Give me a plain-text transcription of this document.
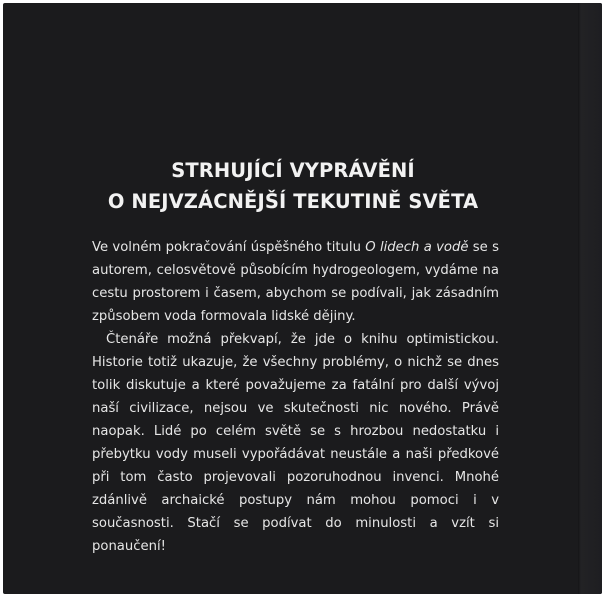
STRHUJÍCÍ VYPRÁVĚNÍ
O NEJVZÁCNĚJŠÍ TEKUTINĚ SVĚTA

Ve volném pokračování úspěšného titulu O lidech a vodě se s autorem, celosvětově působícím hydrogeologem, vydáme na cestu prostorem i časem, abychom se podívali, jak zásadním způsobem voda formovala lidské dějiny.

Čtenáře možná překvapí, že jde o knihu optimistickou. Historie totiž ukazuje, že všechny problémy, o nichž se dnes tolik diskutuje a které považujeme za fatální pro další vývoj naší civilizace, nejsou ve skutečnosti nic nového. Právě naopak. Lidé po celém světě se s hrozbou nedostatku i přebytku vody museli vypořádávat neustále a naši předkové při tom často projevovali pozoruhodnou invenci. Mnohé zdánlivě archaické postupy nám mohou pomoci i v současnosti. Stačí se podívat do minulosti a vzít si ponaučení!
